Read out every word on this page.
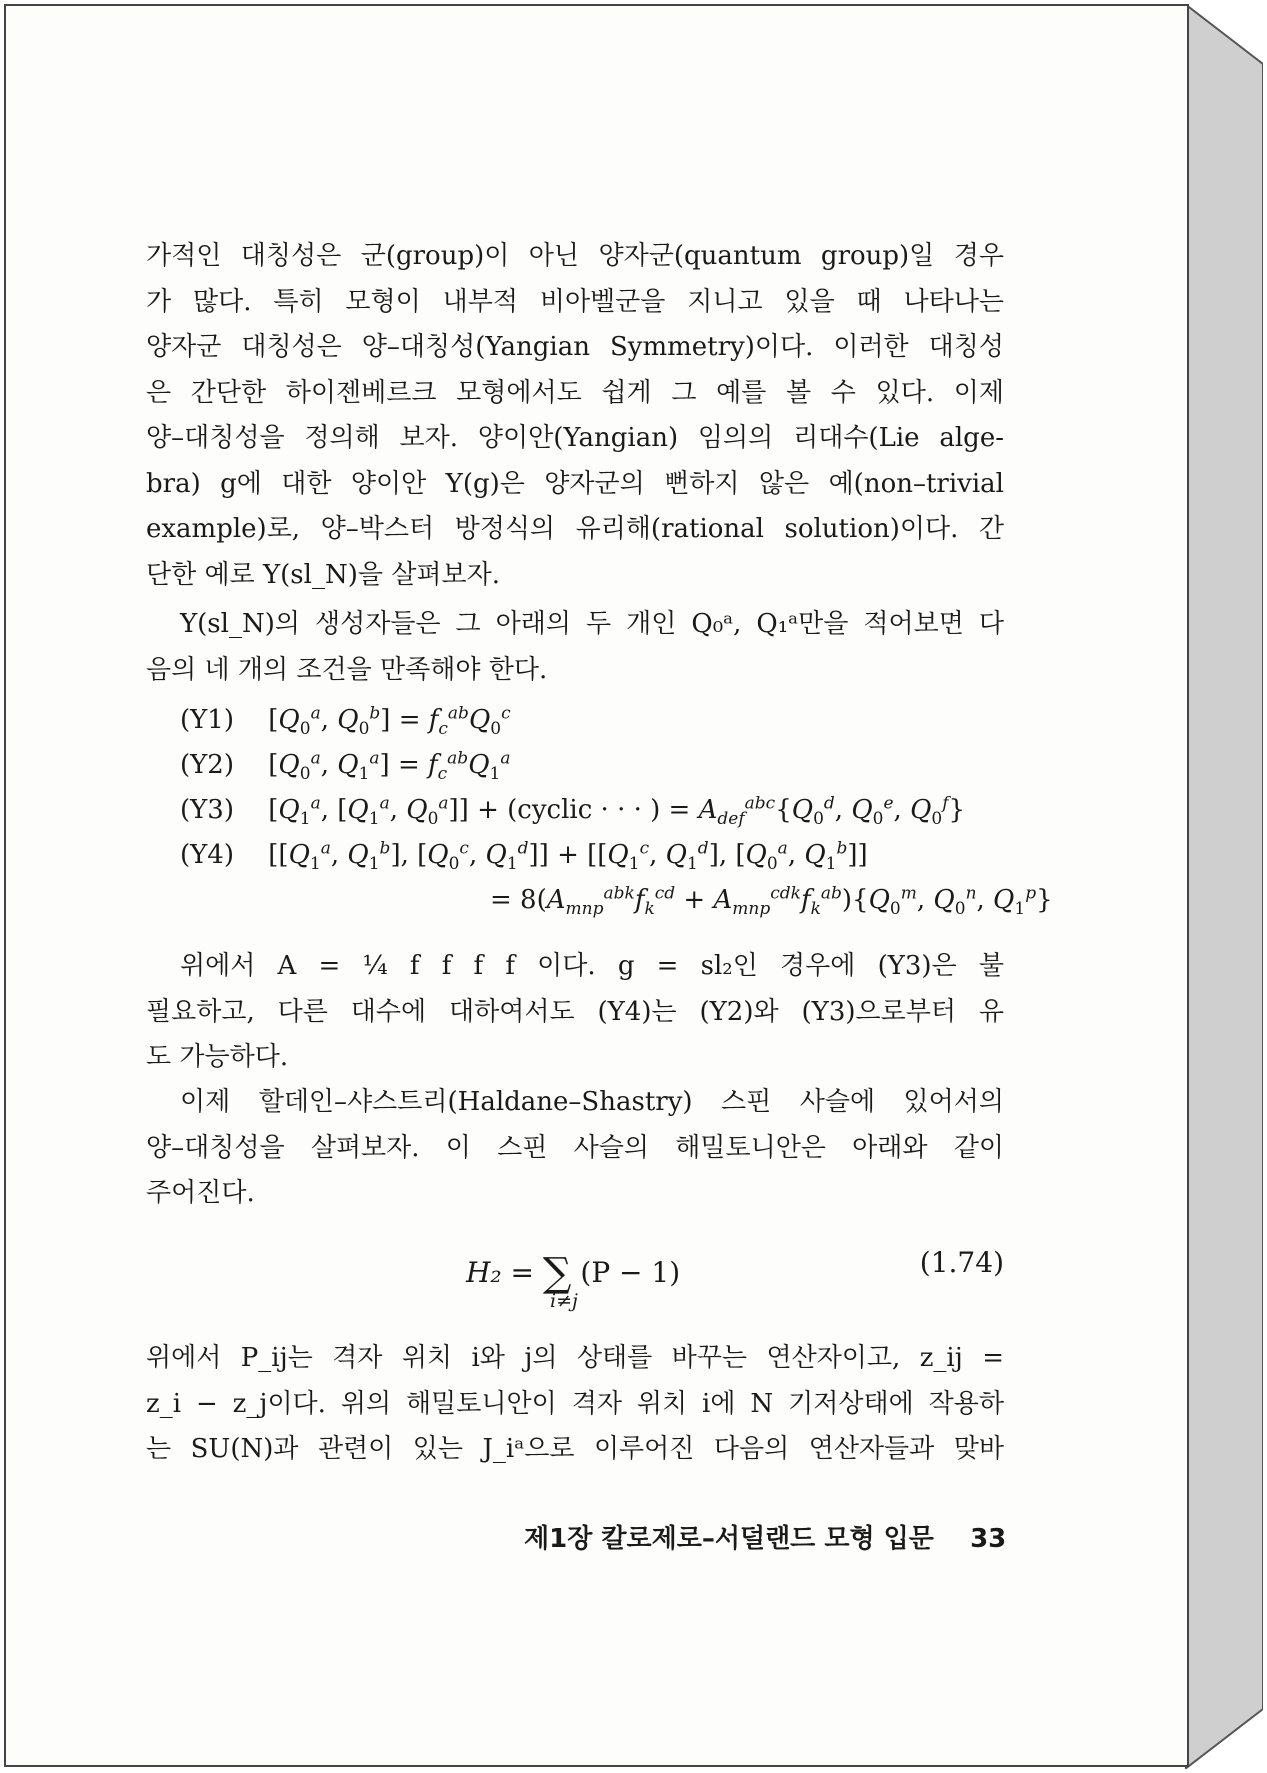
가적인 대칭성은 군(group)이 아닌 양자군(quantum group)일 경우
가 많다. 특히 모형이 내부적 비아벨군을 지니고 있을 때 나타나는
양자군 대칭성은 양–대칭성(Yangian Symmetry)이다. 이러한 대칭성
은 간단한 하이젠베르크 모형에서도 쉽게 그 예를 볼 수 있다. 이제
양–대칭성을 정의해 보자. 양이안(Yangian) 임의의 리대수(Lie alge-
bra) g에 대한 양이안 Y(g)은 양자군의 뻔하지 않은 예(non–trivial
example)로, 양–박스터 방정식의 유리해(rational solution)이다. 간
단한 예로 Y(sl_N)을 살펴보자.
Y(sl_N)의 생성자들은 그 아래의 두 개인 Q₀ᵃ, Q₁ᵃ만을 적어보면 다
음의 네 개의 조건을 만족해야 한다.
(Y1) [$Q_0^a$, $Q_0^b] = f_c^{ab}Q_0^c$
(Y2) [$Q_0^a$, $Q_1^a] = f_c^{ab}Q_1^a$
(Y3) [$Q_1^a$, [$Q_1^a$, $Q_0^a$]] + (cyclic · · · ) = $A_{def}^{abc}\{Q_0^d$, $Q_0^e$, $Q_0^f$}
(Y4) [[$Q_1^a$, $Q_1^b$], [$Q_0^c$, $Q_1^d]] + [[Q_1^c$, $Q_1^d$], [$Q_0^a$, $Q_1^b$]]
= $8(A_{mnp}^{abk}f_k^{cd} + A_{mnp}^{cdk}f_k^{ab})\{Q_0^m$, $Q_0^n$, $Q_1^p$}
위에서 A = ¼ f f f f 이다. g = sl₂인 경우에 (Y3)은 불
필요하고, 다른 대수에 대하여서도 (Y4)는 (Y2)와 (Y3)으로부터 유
도 가능하다.
이제 할데인–샤스트리(Haldane–Shastry) 스핀 사슬에 있어서의
양–대칭성을 살펴보자. 이 스핀 사슬의 해밀토니안은 아래와 같이
주어진다.
H₂ = ∑ (P − 1)
i≠j
(1.74)
위에서 P_ij는 격자 위치 i와 j의 상태를 바꾸는 연산자이고, z_ij =
z_i − z_j이다. 위의 해밀토니안이 격자 위치 i에 N 기저상태에 작용하
는 SU(N)과 관련이 있는 J_iᵃ으로 이루어진 다음의 연산자들과 맞바
제1장 칼로제로–서덜랜드 모형 입문 33
